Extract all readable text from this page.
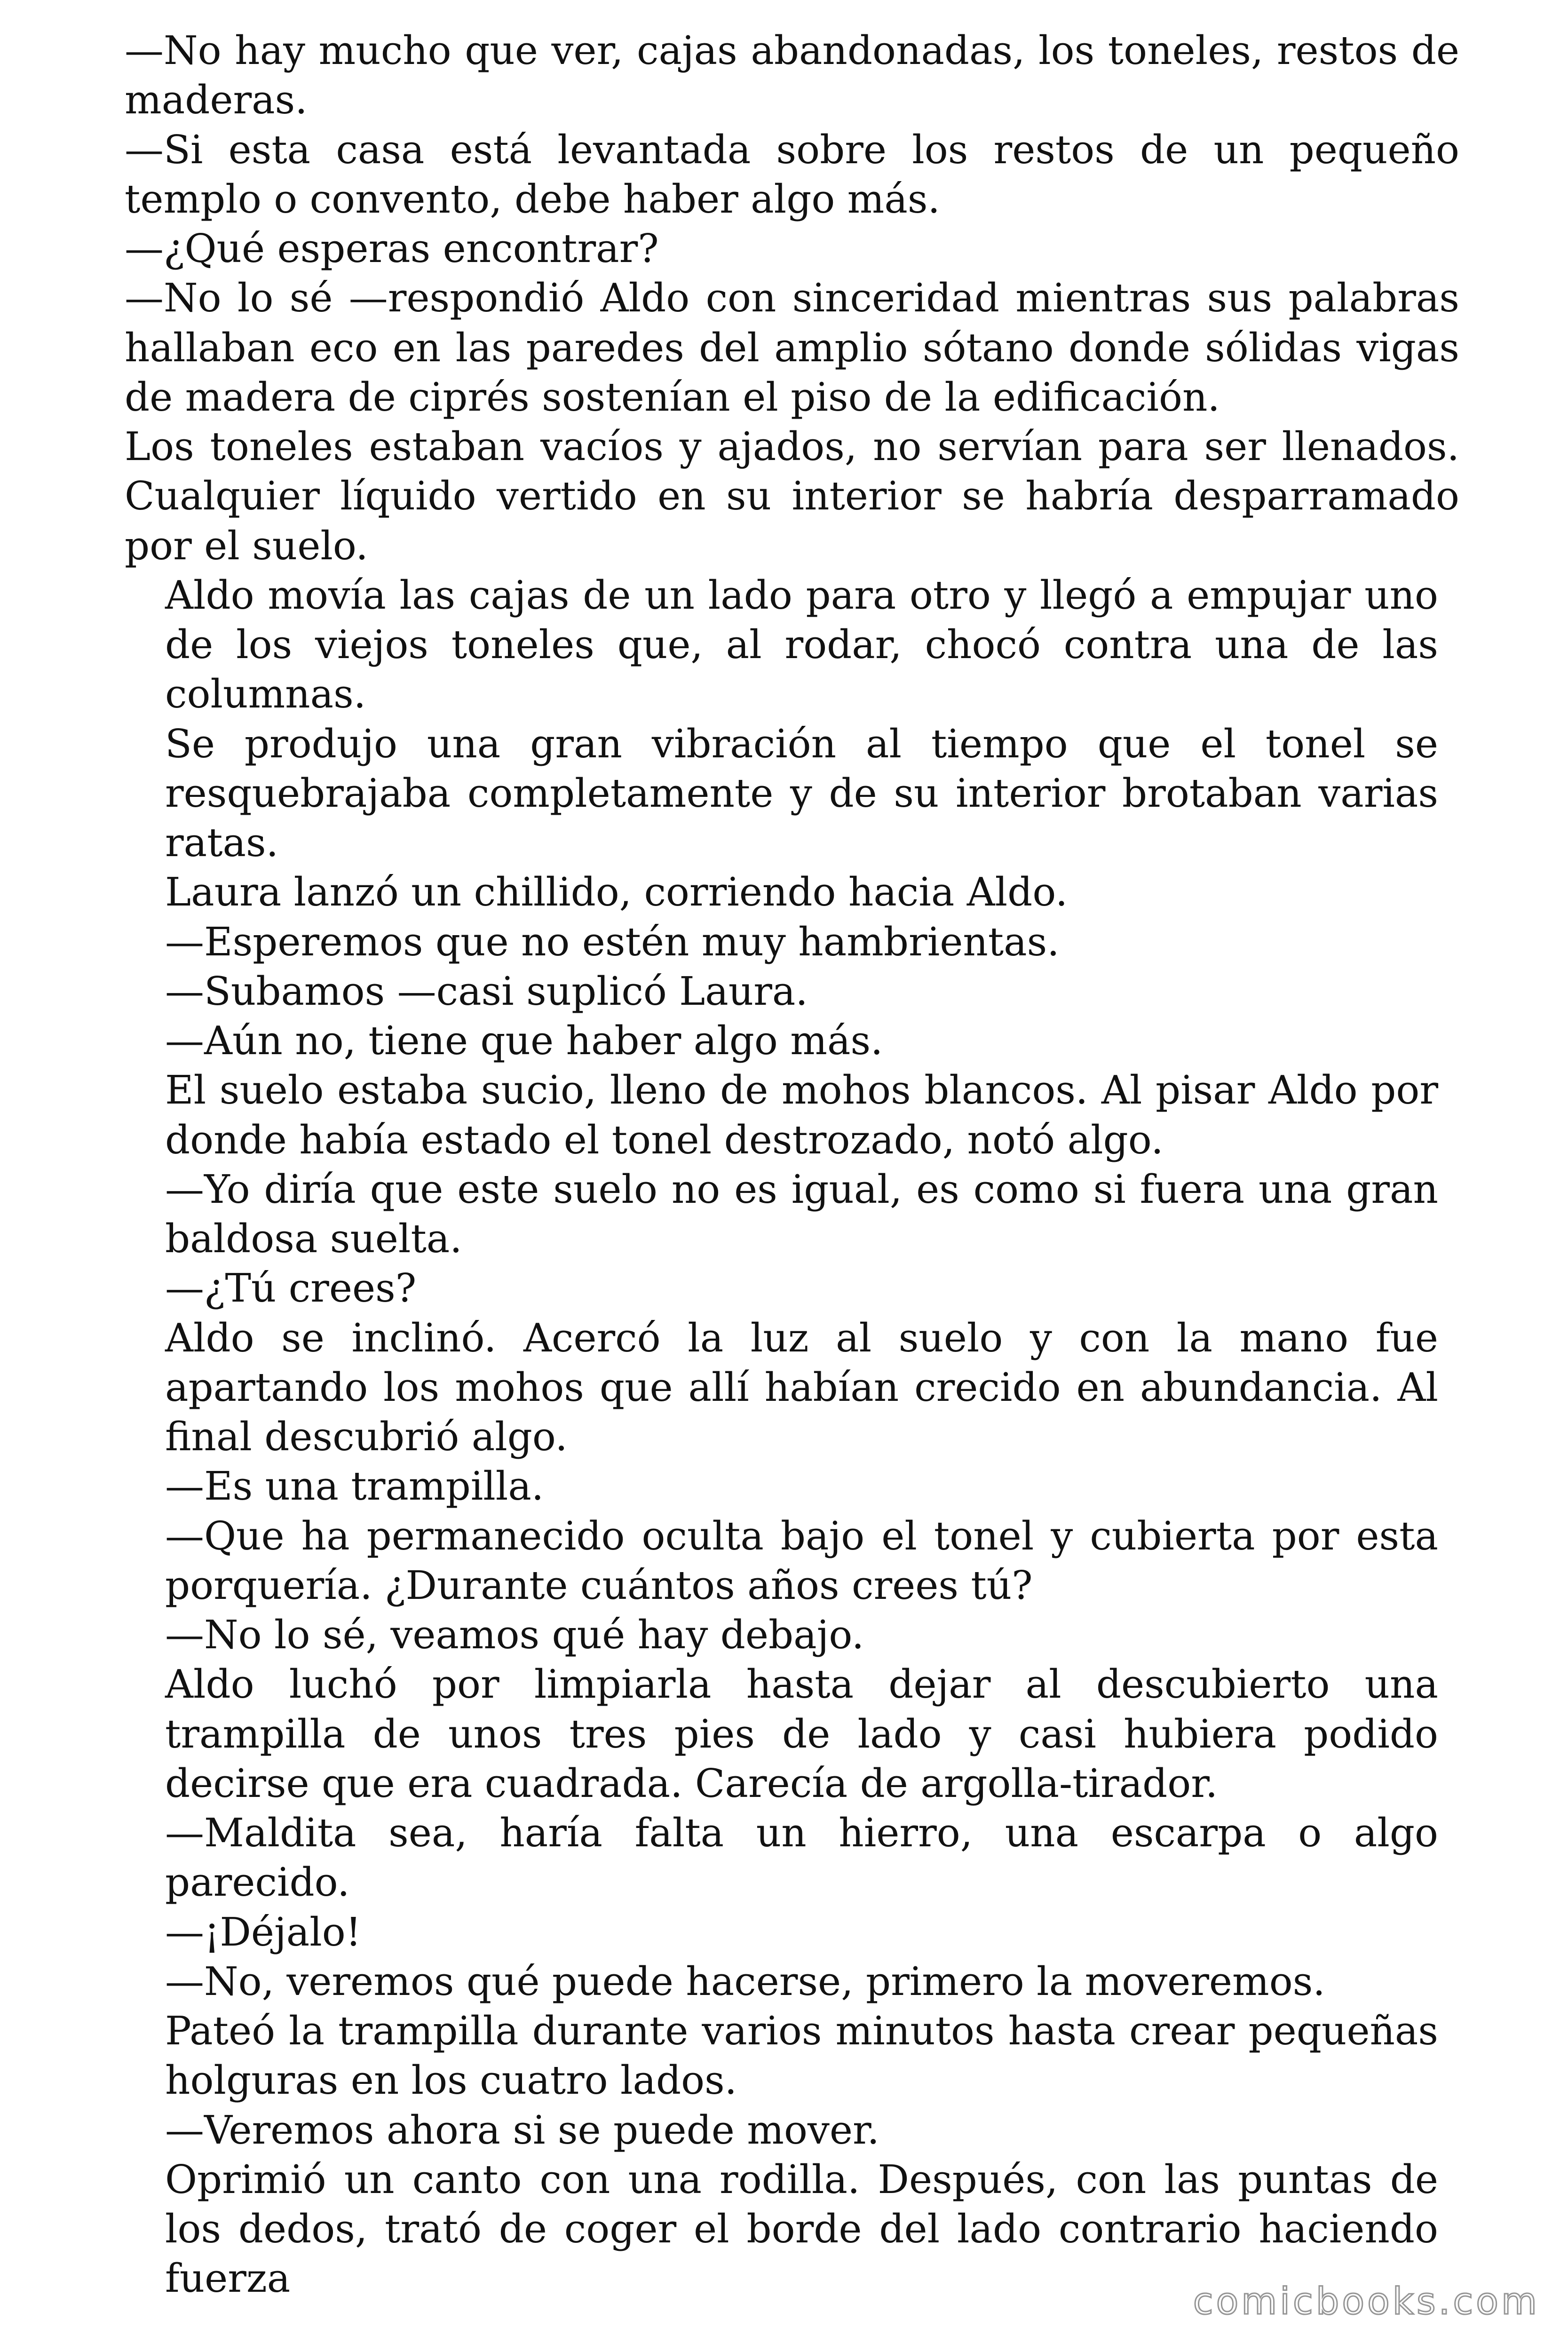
—No hay mucho que ver, cajas abandonadas, los toneles, restos de maderas.

—Si esta casa está levantada sobre los restos de un pequeño templo o convento, debe haber algo más.

—¿Qué esperas encontrar?

—No lo sé —respondió Aldo con sinceridad mientras sus palabras hallaban eco en las paredes del amplio sótano donde sólidas vigas de madera de ciprés sostenían el piso de la edificación.

Los toneles estaban vacíos y ajados, no servían para ser llenados. Cualquier líquido vertido en su interior se habría desparramado por el suelo.

Aldo movía las cajas de un lado para otro y llegó a empujar uno de los viejos toneles que, al rodar, chocó contra una de las columnas.

Se produjo una gran vibración al tiempo que el tonel se resquebrajaba completamente y de su interior brotaban varias ratas.

Laura lanzó un chillido, corriendo hacia Aldo.

—Esperemos que no estén muy hambrientas.

—Subamos —casi suplicó Laura.

—Aún no, tiene que haber algo más.

El suelo estaba sucio, lleno de mohos blancos. Al pisar Aldo por donde había estado el tonel destrozado, notó algo.

—Yo diría que este suelo no es igual, es como si fuera una gran baldosa suelta.

—¿Tú crees?

Aldo se inclinó. Acercó la luz al suelo y con la mano fue apartando los mohos que allí habían crecido en abundancia. Al final descubrió algo.

—Es una trampilla.

—Que ha permanecido oculta bajo el tonel y cubierta por esta porquería. ¿Durante cuántos años crees tú?

—No lo sé, veamos qué hay debajo.

Aldo luchó por limpiarla hasta dejar al descubierto una trampilla de unos tres pies de lado y casi hubiera podido decirse que era cuadrada. Carecía de argolla-tirador.

—Maldita sea, haría falta un hierro, una escarpa o algo parecido.

—¡Déjalo!

—No, veremos qué puede hacerse, primero la moveremos.

Pateó la trampilla durante varios minutos hasta crear pequeñas holguras en los cuatro lados.

—Veremos ahora si se puede mover.

Oprimió un canto con una rodilla. Después, con las puntas de los dedos, trató de coger el borde del lado contrario haciendo fuerza

comicbooks.com
